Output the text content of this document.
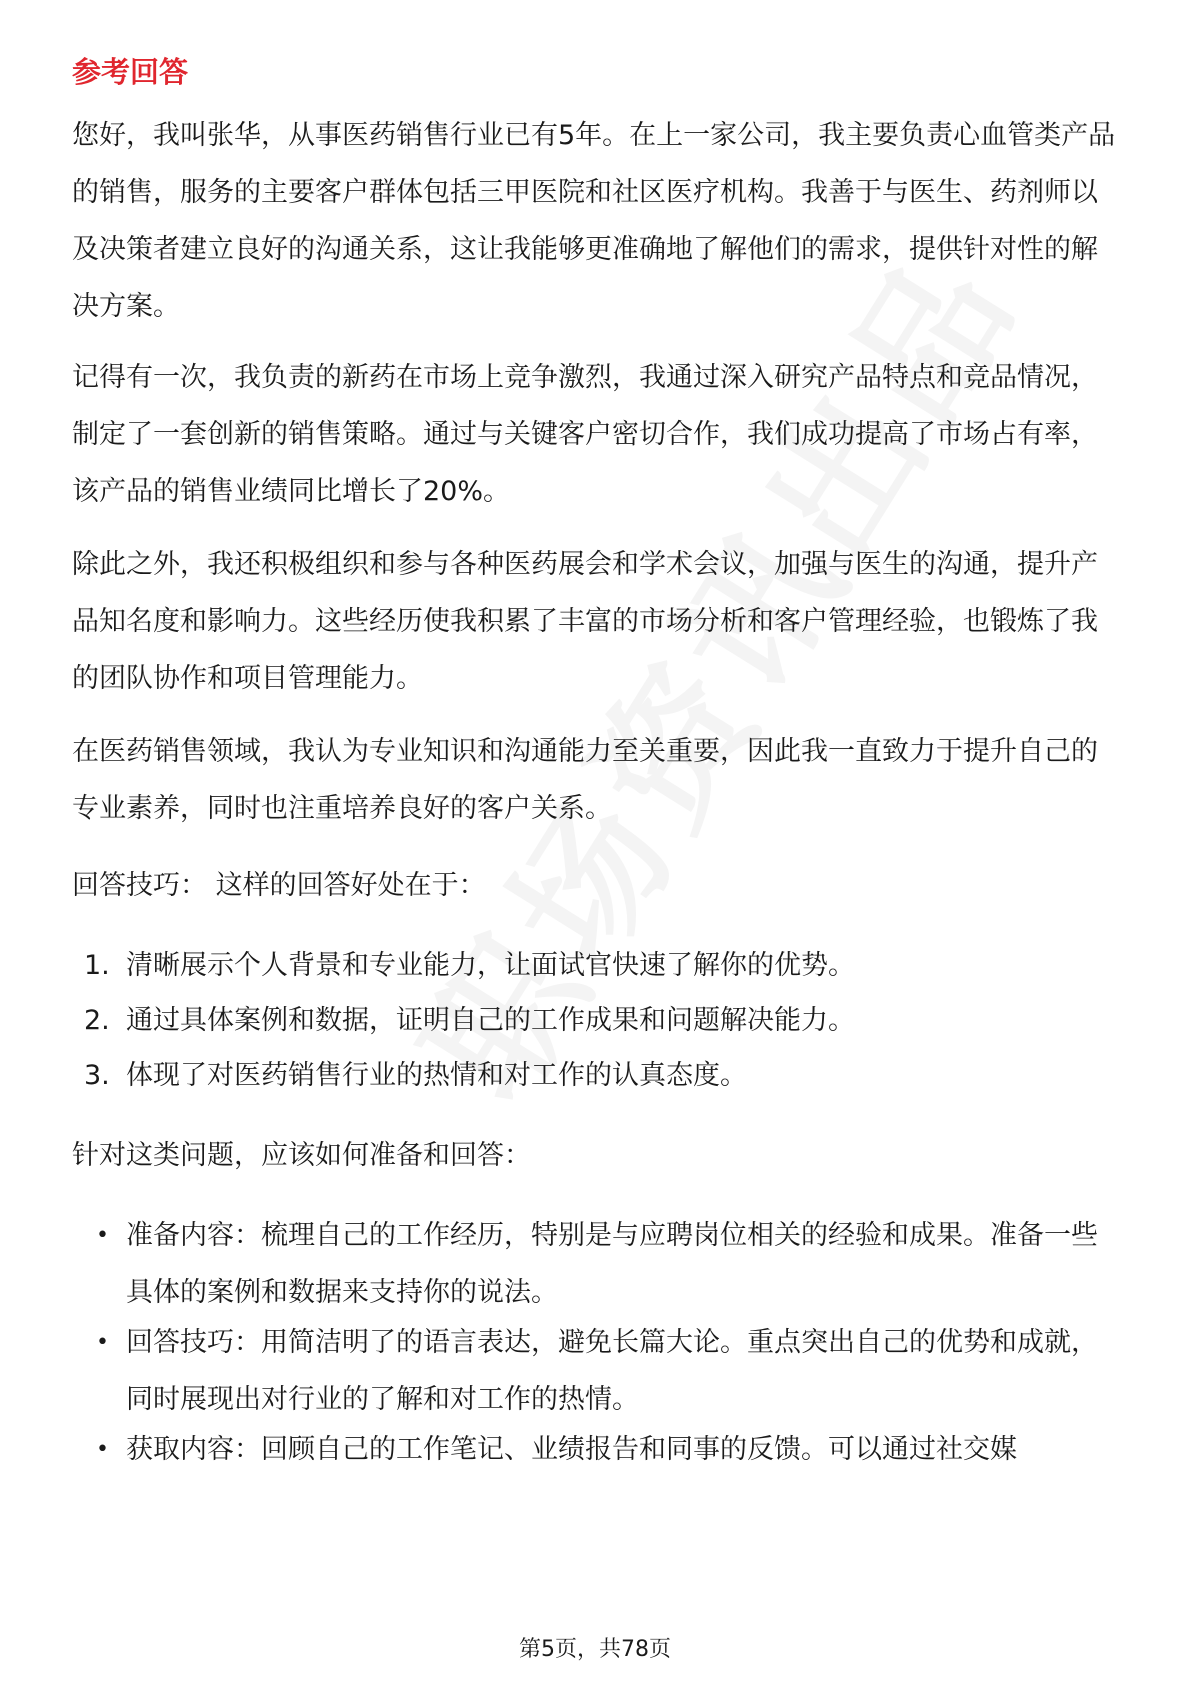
参考回答

您好，我叫张华，从事医药销售行业已有5年。在上一家公司，我主要负责心血管类产品的销售，服务的主要客户群体包括三甲医院和社区医疗机构。我善于与医生、药剂师以及决策者建立良好的沟通关系，这让我能够更准确地了解他们的需求，提供针对性的解决方案。

记得有一次，我负责的新药在市场上竞争激烈，我通过深入研究产品特点和竞品情况，制定了一套创新的销售策略。通过与关键客户密切合作，我们成功提高了市场占有率，该产品的销售业绩同比增长了20%。

除此之外，我还积极组织和参与各种医药展会和学术会议，加强与医生的沟通，提升产品知名度和影响力。这些经历使我积累了丰富的市场分析和客户管理经验，也锻炼了我的团队协作和项目管理能力。

在医药销售领域，我认为专业知识和沟通能力至关重要，因此我一直致力于提升自己的专业素养，同时也注重培养良好的客户关系。

回答技巧： 这样的回答好处在于：

1. 清晰展示个人背景和专业能力，让面试官快速了解你的优势。
2. 通过具体案例和数据，证明自己的工作成果和问题解决能力。
3. 体现了对医药销售行业的热情和对工作的认真态度。

针对这类问题，应该如何准备和回答：

• 准备内容：梳理自己的工作经历，特别是与应聘岗位相关的经验和成果。准备一些具体的案例和数据来支持你的说法。
• 回答技巧：用简洁明了的语言表达，避免长篇大论。重点突出自己的优势和成就，同时展现出对行业的了解和对工作的热情。
• 获取内容：回顾自己的工作笔记、业绩报告和同事的反馈。可以通过社交媒
第5页，共78页
